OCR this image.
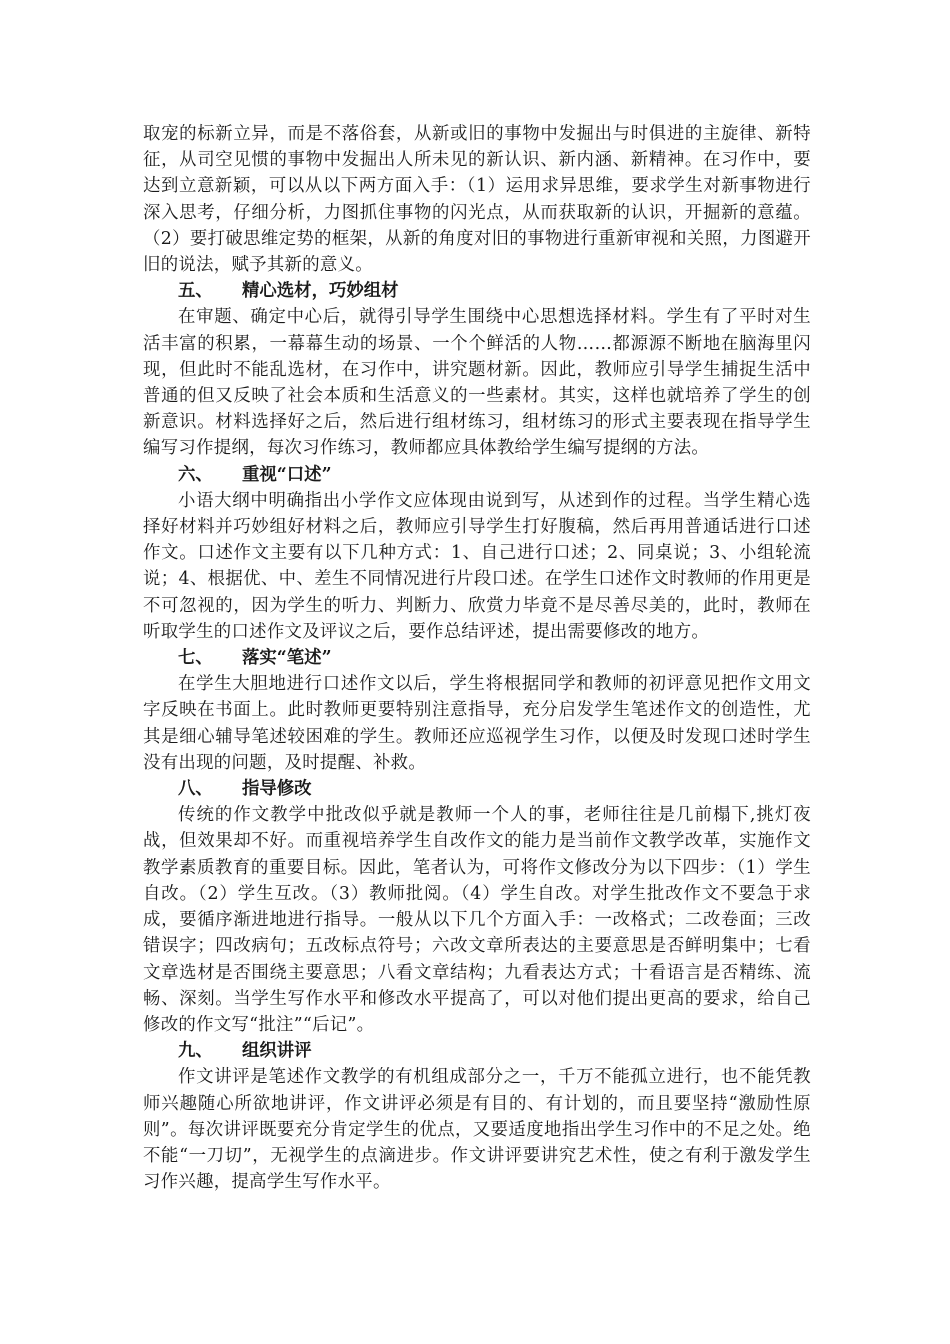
取宠的标新立异，而是不落俗套，从新或旧的事物中发掘出与时俱进的主旋律、新特征，从司空见惯的事物中发掘出人所未见的新认识、新内涵、新精神。在习作中，要达到立意新颖，可以从以下两方面入手：（1）运用求异思维，要求学生对新事物进行深入思考，仔细分析，力图抓住事物的闪光点，从而获取新的认识，开掘新的意蕴。（2）要打破思维定势的框架，从新的角度对旧的事物进行重新审视和关照，力图避开旧的说法，赋予其新的意义。

五、 精心选材，巧妙组材

在审题、确定中心后，就得引导学生围绕中心思想选择材料。学生有了平时对生活丰富的积累，一幕幕生动的场景、一个个鲜活的人物……都源源不断地在脑海里闪现，但此时不能乱选材，在习作中，讲究题材新。因此，教师应引导学生捕捉生活中普通的但又反映了社会本质和生活意义的一些素材。其实，这样也就培养了学生的创新意识。材料选择好之后，然后进行组材练习，组材练习的形式主要表现在指导学生编写习作提纲，每次习作练习，教师都应具体教给学生编写提纲的方法。

六、 重视“口述”

小语大纲中明确指出小学作文应体现由说到写，从述到作的过程。当学生精心选择好材料并巧妙组好材料之后，教师应引导学生打好腹稿，然后再用普通话进行口述作文。口述作文主要有以下几种方式：1、自己进行口述；2、同桌说；3、小组轮流说；4、根据优、中、差生不同情况进行片段口述。在学生口述作文时教师的作用更是不可忽视的，因为学生的听力、判断力、欣赏力毕竟不是尽善尽美的，此时，教师在听取学生的口述作文及评议之后，要作总结评述，提出需要修改的地方。

七、 落实“笔述”

在学生大胆地进行口述作文以后，学生将根据同学和教师的初评意见把作文用文字反映在书面上。此时教师更要特别注意指导，充分启发学生笔述作文的创造性，尤其是细心辅导笔述较困难的学生。教师还应巡视学生习作，以便及时发现口述时学生没有出现的问题，及时提醒、补救。

八、 指导修改

传统的作文教学中批改似乎就是教师一个人的事，老师往往是几前榻下,挑灯夜战，但效果却不好。而重视培养学生自改作文的能力是当前作文教学改革，实施作文教学素质教育的重要目标。因此，笔者认为，可将作文修改分为以下四步：（1）学生自改。（2）学生互改。（3）教师批阅。（4）学生自改。对学生批改作文不要急于求成，要循序渐进地进行指导。一般从以下几个方面入手：一改格式；二改卷面；三改错误字；四改病句；五改标点符号；六改文章所表达的主要意思是否鲜明集中；七看文章选材是否围绕主要意思；八看文章结构；九看表达方式；十看语言是否精练、流畅、深刻。当学生写作水平和修改水平提高了，可以对他们提出更高的要求，给自己修改的作文写“批注”“后记”。

九、 组织讲评

作文讲评是笔述作文教学的有机组成部分之一，千万不能孤立进行，也不能凭教师兴趣随心所欲地讲评，作文讲评必须是有目的、有计划的，而且要坚持“激励性原则”。每次讲评既要充分肯定学生的优点，又要适度地指出学生习作中的不足之处。绝不能“一刀切”，无视学生的点滴进步。作文讲评要讲究艺术性，使之有利于激发学生习作兴趣，提高学生写作水平。
